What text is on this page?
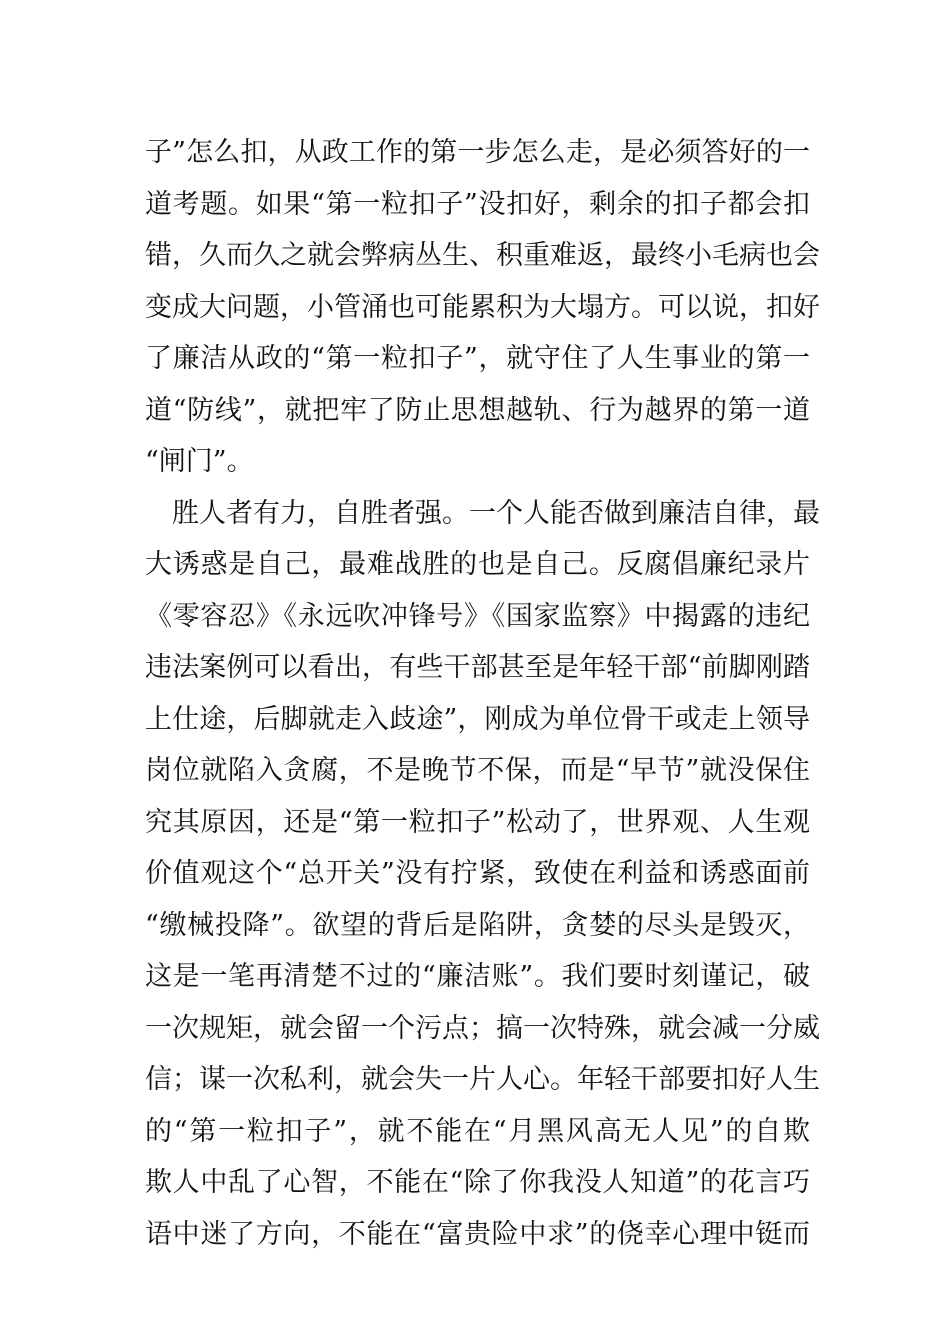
子”怎么扣，从政工作的第一步怎么走，是必须答好的一
道考题。如果“第一粒扣子”没扣好，剩余的扣子都会扣
错，久而久之就会弊病丛生、积重难返，最终小毛病也会
变成大问题，小管涌也可能累积为大塌方。可以说，扣好
了廉洁从政的“第一粒扣子”，就守住了人生事业的第一
道“防线”，就把牢了防止思想越轨、行为越界的第一道
“闸门”。
　胜人者有力，自胜者强。一个人能否做到廉洁自律，最
大诱惑是自己，最难战胜的也是自己。反腐倡廉纪录片
《零容忍》《永远吹冲锋号》《国家监察》中揭露的违纪
违法案例可以看出，有些干部甚至是年轻干部“前脚刚踏
上仕途，后脚就走入歧途”，刚成为单位骨干或走上领导
岗位就陷入贪腐，不是晚节不保，而是“早节”就没保住
究其原因，还是“第一粒扣子”松动了，世界观、人生观
价值观这个“总开关”没有拧紧，致使在利益和诱惑面前
“缴械投降”。欲望的背后是陷阱，贪婪的尽头是毁灭，
这是一笔再清楚不过的“廉洁账”。我们要时刻谨记，破
一次规矩，就会留一个污点；搞一次特殊，就会减一分威
信；谋一次私利，就会失一片人心。年轻干部要扣好人生
的“第一粒扣子”，就不能在“月黑风高无人见”的自欺
欺人中乱了心智，不能在“除了你我没人知道”的花言巧
语中迷了方向，不能在“富贵险中求”的侥幸心理中铤而
